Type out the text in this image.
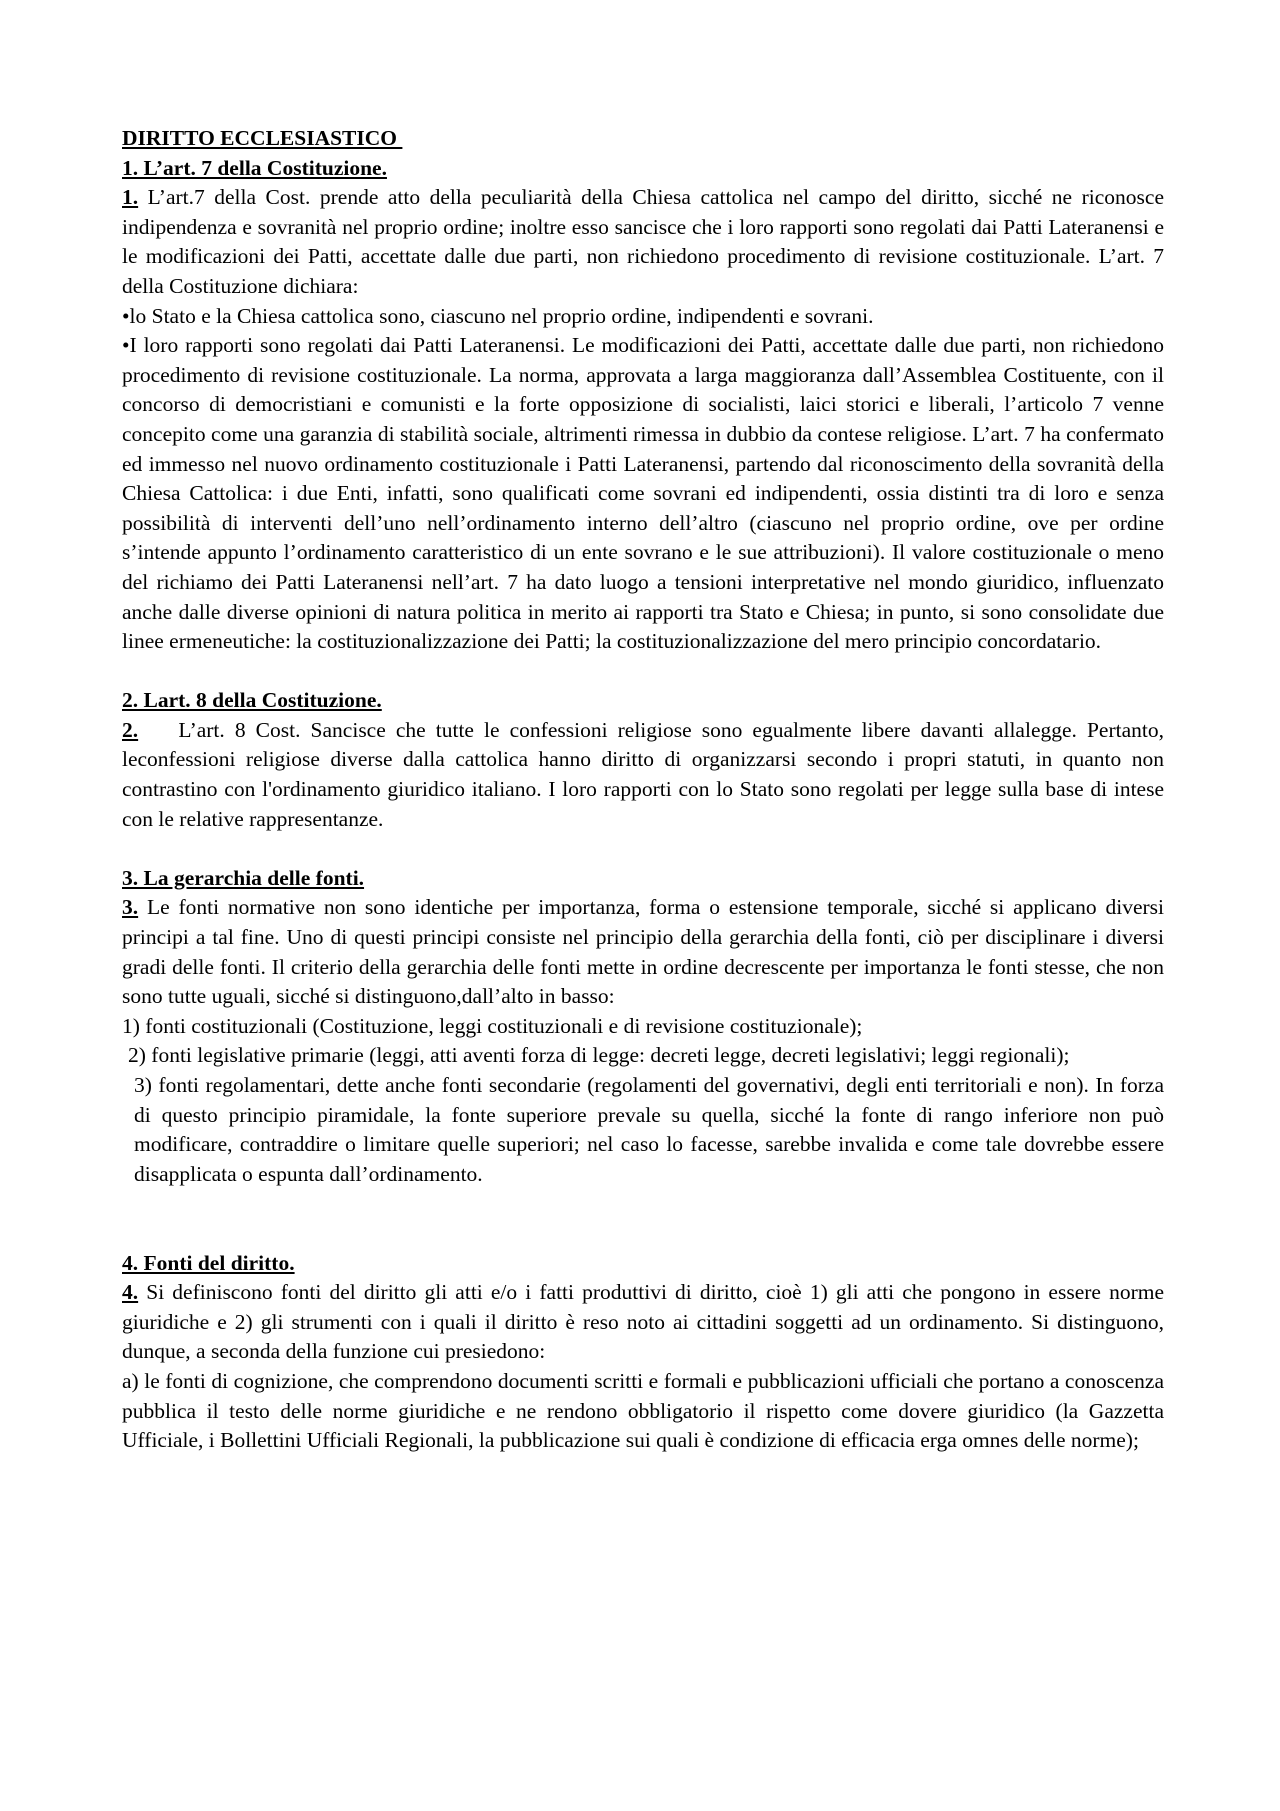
DIRITTO ECCLESIASTICO
1. L’art. 7 della Costituzione.

1. L’art.7 della Cost. prende atto della peculiarità della Chiesa cattolica nel campo del diritto, sicché ne riconosce indipendenza e sovranità nel proprio ordine; inoltre esso sancisce che i loro rapporti sono regolati dai Patti Lateranensi e le modificazioni dei Patti, accettate dalle due parti, non richiedono procedimento di revisione costituzionale. L’art. 7 della Costituzione dichiara:

•lo Stato e la Chiesa cattolica sono, ciascuno nel proprio ordine, indipendenti e sovrani.

•I loro rapporti sono regolati dai Patti Lateranensi. Le modificazioni dei Patti, accettate dalle due parti, non richiedono procedimento di revisione costituzionale. La norma, approvata a larga maggioranza dall’Assemblea Costituente, con il concorso di democristiani e comunisti e la forte opposizione di socialisti, laici storici e liberali, l’articolo 7 venne concepito come una garanzia di stabilità sociale, altrimenti rimessa in dubbio da contese religiose. L’art. 7 ha confermato ed immesso nel nuovo ordinamento costituzionale i Patti Lateranensi, partendo dal riconoscimento della sovranità della Chiesa Cattolica: i due Enti, infatti, sono qualificati come sovrani ed indipendenti, ossia distinti tra di loro e senza possibilità di interventi dell’uno nell’ordinamento interno dell’altro (ciascuno nel proprio ordine, ove per ordine s’intende appunto l’ordinamento caratteristico di un ente sovrano e le sue attribuzioni). Il valore costituzionale o meno del richiamo dei Patti Lateranensi nell’art. 7 ha dato luogo a tensioni interpretative nel mondo giuridico, influenzato anche dalle diverse opinioni di natura politica in merito ai rapporti tra Stato e Chiesa; in punto, si sono consolidate due linee ermeneutiche: la costituzionalizzazione dei Patti; la costituzionalizzazione del mero principio concordatario.

2. Lart. 8 della Costituzione.

2.    L’art. 8 Cost. Sancisce che tutte le confessioni religiose sono egualmente libere davanti allalegge. Pertanto, leconfessioni religiose diverse dalla cattolica hanno diritto di organizzarsi secondo i propri statuti, in quanto non contrastino con l'ordinamento giuridico italiano. I loro rapporti con lo Stato sono regolati per legge sulla base di intese con le relative rappresentanze.

3. La gerarchia delle fonti.

3. Le fonti normative non sono identiche per importanza, forma o estensione temporale, sicché si applicano diversi principi a tal fine. Uno di questi principi consiste nel principio della gerarchia della fonti, ciò per disciplinare i diversi gradi delle fonti. Il criterio della gerarchia delle fonti mette in ordine decrescente per importanza le fonti stesse, che non sono tutte uguali, sicché si distinguono,dall’alto in basso:

1) fonti costituzionali (Costituzione, leggi costituzionali e di revisione costituzionale);

2) fonti legislative primarie (leggi, atti aventi forza di legge: decreti legge, decreti legislativi; leggi regionali);

3) fonti regolamentari, dette anche fonti secondarie (regolamenti del governativi, degli enti territoriali e non). In forza di questo principio piramidale, la fonte superiore prevale su quella, sicché la fonte di rango inferiore non può modificare, contraddire o limitare quelle superiori; nel caso lo facesse, sarebbe invalida e come tale dovrebbe essere disapplicata o espunta dall’ordinamento.

4. Fonti del diritto.

4. Si definiscono fonti del diritto gli atti e/o i fatti produttivi di diritto, cioè 1) gli atti che pongono in essere norme giuridiche e 2) gli strumenti con i quali il diritto è reso noto ai cittadini soggetti ad un ordinamento. Si distinguono, dunque, a seconda della funzione cui presiedono:

a) le fonti di cognizione, che comprendono documenti scritti e formali e pubblicazioni ufficiali che portano a conoscenza pubblica il testo delle norme giuridiche e ne rendono obbligatorio il rispetto come dovere giuridico (la Gazzetta Ufficiale, i Bollettini Ufficiali Regionali, la pubblicazione sui quali è condizione di efficacia erga omnes delle norme);
